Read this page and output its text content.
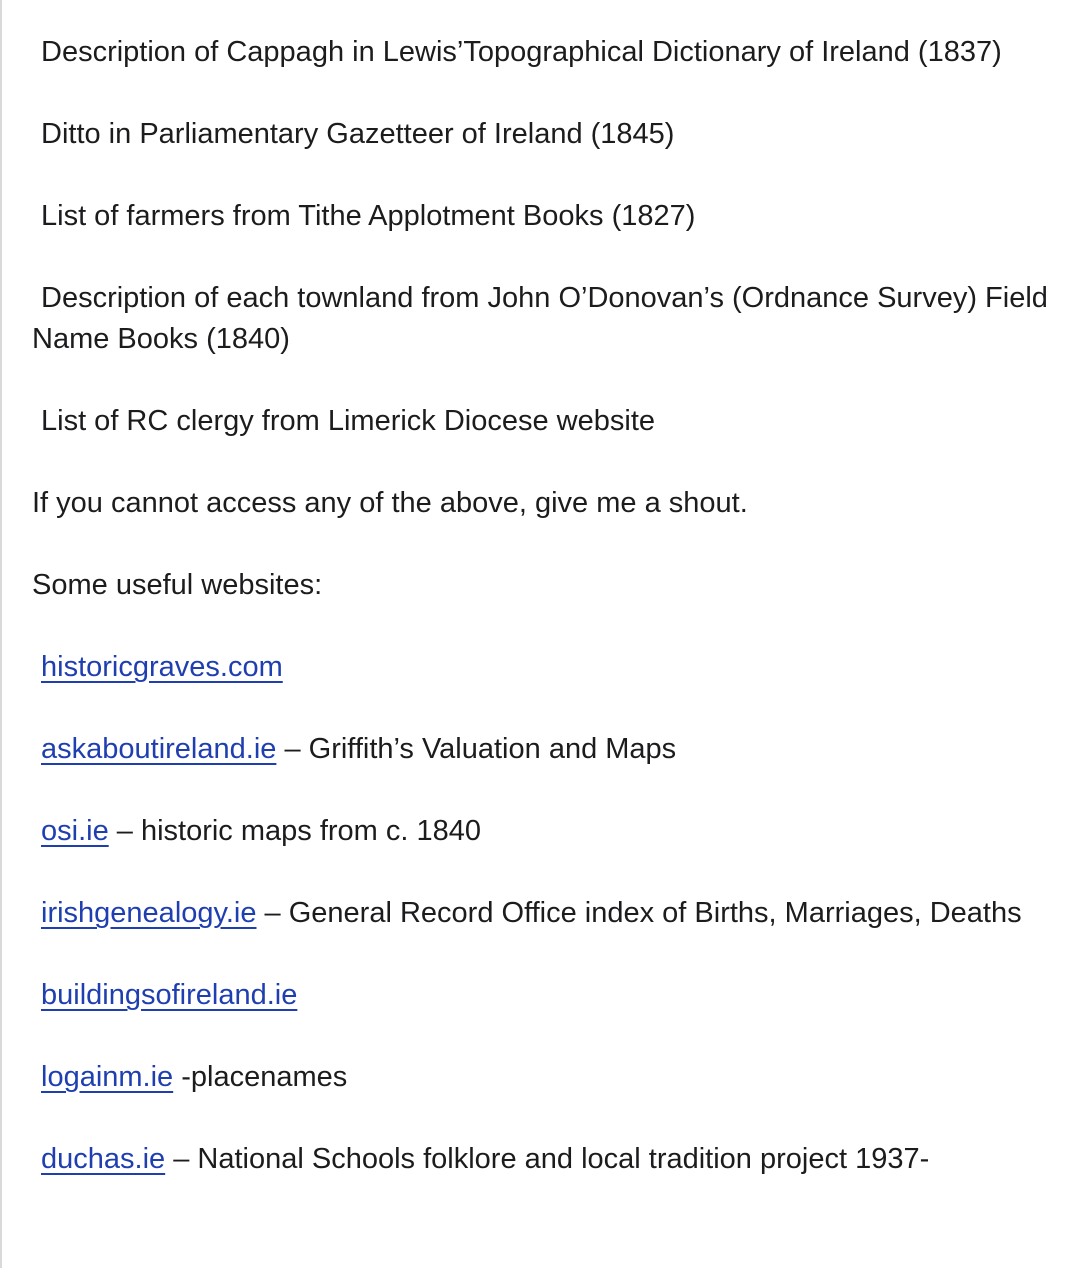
Description of Cappagh in Lewis’Topographical Dictionary of Ireland (1837)

Ditto in Parliamentary Gazetteer of Ireland (1845)

List of farmers from Tithe Applotment Books (1827)

Description of each townland from John O’Donovan’s (Ordnance Survey) Field Name Books (1840)

List of RC clergy from Limerick Diocese website

If you cannot access any of the above, give me a shout.

Some useful websites:

historicgraves.com

askaboutireland.ie – Griffith’s Valuation and Maps

osi.ie – historic maps from c. 1840

irishgenealogy.ie – General Record Office index of Births, Marriages, Deaths

buildingsofireland.ie

logainm.ie -placenames

duchas.ie – National Schools folklore and local tradition project 1937-
